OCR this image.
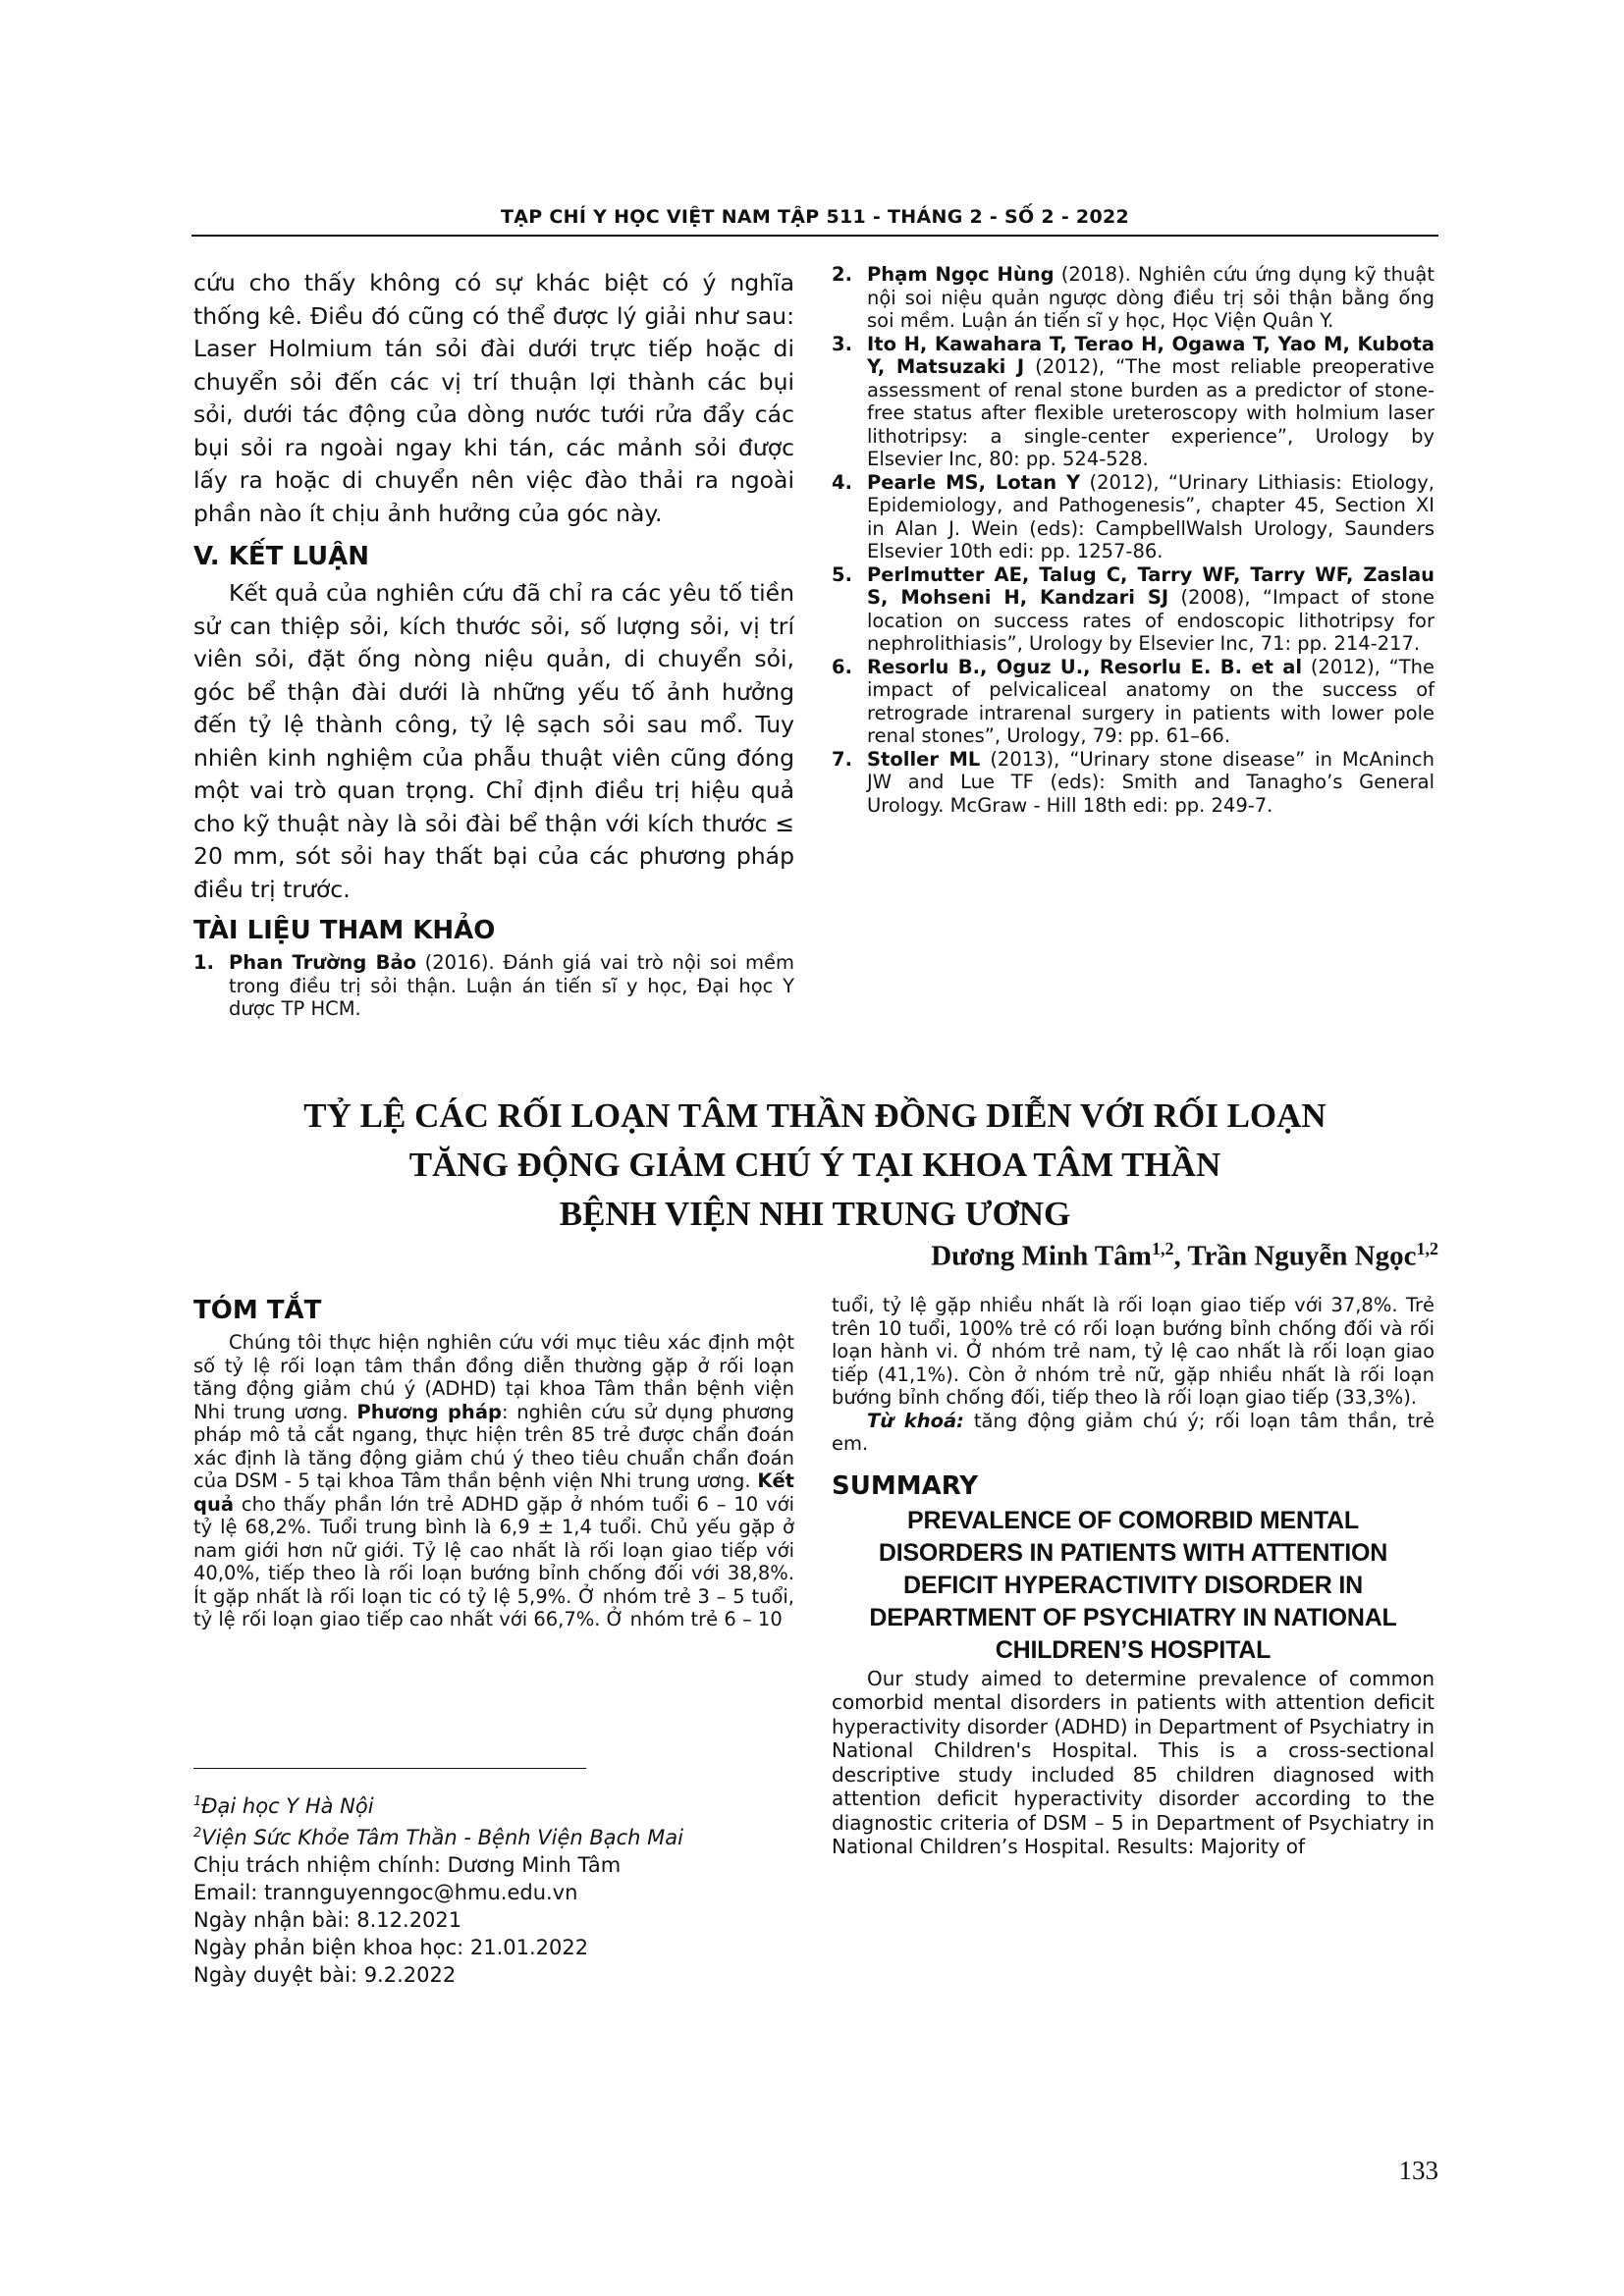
TẠP CHÍ Y HỌC VIỆT NAM TẬP 511 - THÁNG 2 - SỐ 2 - 2022

cứu cho thấy không có sự khác biệt có ý nghĩa thống kê. Điều đó cũng có thể được lý giải như sau: Laser Holmium tán sỏi đài dưới trực tiếp hoặc di chuyển sỏi đến các vị trí thuận lợi thành các bụi sỏi, dưới tác động của dòng nước tưới rửa đẩy các bụi sỏi ra ngoài ngay khi tán, các mảnh sỏi được lấy ra hoặc di chuyển nên việc đào thải ra ngoài phần nào ít chịu ảnh hưởng của góc này.

V. KẾT LUẬN

Kết quả của nghiên cứu đã chỉ ra các yêu tố tiền sử can thiệp sỏi, kích thước sỏi, số lượng sỏi, vị trí viên sỏi, đặt ống nòng niệu quản, di chuyển sỏi, góc bể thận đài dưới là những yếu tố ảnh hưởng đến tỷ lệ thành công, tỷ lệ sạch sỏi sau mổ. Tuy nhiên kinh nghiệm của phẫu thuật viên cũng đóng một vai trò quan trọng. Chỉ định điều trị hiệu quả cho kỹ thuật này là sỏi đài bể thận với kích thước ≤ 20 mm, sót sỏi hay thất bại của các phương pháp điều trị trước.

TÀI LIỆU THAM KHẢO
1. Phan Trường Bảo (2016). Đánh giá vai trò nội soi mềm trong điều trị sỏi thận. Luận án tiến sĩ y học, Đại học Y dược TP HCM.
2. Phạm Ngọc Hùng (2018). Nghiên cứu ứng dụng kỹ thuật nội soi niệu quản ngược dòng điều trị sỏi thận bằng ống soi mềm. Luận án tiến sĩ y học, Học Viện Quân Y.
3. Ito H, Kawahara T, Terao H, Ogawa T, Yao M, Kubota Y, Matsuzaki J (2012), “The most reliable preoperative assessment of renal stone burden as a predictor of stone-free status after flexible ureteroscopy with holmium laser lithotripsy: a single-center experience”, Urology by Elsevier Inc, 80: pp. 524-528.
4. Pearle MS, Lotan Y (2012), “Urinary Lithiasis: Etiology, Epidemiology, and Pathogenesis”, chapter 45, Section XI in Alan J. Wein (eds): CampbellWalsh Urology, Saunders Elsevier 10th edi: pp. 1257-86.
5. Perlmutter AE, Talug C, Tarry WF, Tarry WF, Zaslau S, Mohseni H, Kandzari SJ (2008), “Impact of stone location on success rates of endoscopic lithotripsy for nephrolithiasis”, Urology by Elsevier Inc, 71: pp. 214-217.
6. Resorlu B., Oguz U., Resorlu E. B. et al (2012), “The impact of pelvicaliceal anatomy on the success of retrograde intrarenal surgery in patients with lower pole renal stones”, Urology, 79: pp. 61–66.
7. Stoller ML (2013), “Urinary stone disease” in McAninch JW and Lue TF (eds): Smith and Tanagho’s General Urology. McGraw - Hill 18th edi: pp. 249-7.
TỶ LỆ CÁC RỐI LOẠN TÂM THẦN ĐỒNG DIỄN VỚI RỐI LOẠN
TĂNG ĐỘNG GIẢM CHÚ Ý TẠI KHOA TÂM THẦN
BỆNH VIỆN NHI TRUNG ƯƠNG
Dương Minh Tâm$^{1,2}$, Trần Nguyễn Ngọc$^{1,2}$
TÓM TẮT

Chúng tôi thực hiện nghiên cứu với mục tiêu xác định một số tỷ lệ rối loạn tâm thần đồng diễn thường gặp ở rối loạn tăng động giảm chú ý (ADHD) tại khoa Tâm thần bệnh viện Nhi trung ương. Phương pháp: nghiên cứu sử dụng phương pháp mô tả cắt ngang, thực hiện trên 85 trẻ được chẩn đoán xác định là tăng động giảm chú ý theo tiêu chuẩn chẩn đoán của DSM - 5 tại khoa Tâm thần bệnh viện Nhi trung ương. Kết quả cho thấy phần lớn trẻ ADHD gặp ở nhóm tuổi 6 – 10 với tỷ lệ 68,2%. Tuổi trung bình là 6,9 ± 1,4 tuổi. Chủ yếu gặp ở nam giới hơn nữ giới. Tỷ lệ cao nhất là rối loạn giao tiếp với 40,0%, tiếp theo là rối loạn bướng bỉnh chống đối với 38,8%. Ít gặp nhất là rối loạn tic có tỷ lệ 5,9%. Ở nhóm trẻ 3 – 5 tuổi, tỷ lệ rối loạn giao tiếp cao nhất với 66,7%. Ở nhóm trẻ 6 – 10

tuổi, tỷ lệ gặp nhiều nhất là rối loạn giao tiếp với 37,8%. Trẻ trên 10 tuổi, 100% trẻ có rối loạn bướng bỉnh chống đối và rối loạn hành vi. Ở nhóm trẻ nam, tỷ lệ cao nhất là rối loạn giao tiếp (41,1%). Còn ở nhóm trẻ nữ, gặp nhiều nhất là rối loạn bướng bỉnh chống đối, tiếp theo là rối loạn giao tiếp (33,3%).

Từ khoá: tăng động giảm chú ý; rối loạn tâm thần, trẻ em.

SUMMARY
PREVALENCE OF COMORBID MENTAL
DISORDERS IN PATIENTS WITH ATTENTION
DEFICIT HYPERACTIVITY DISORDER IN
DEPARTMENT OF PSYCHIATRY IN NATIONAL
CHILDREN’S HOSPITAL

Our study aimed to determine prevalence of common comorbid mental disorders in patients with attention deficit hyperactivity disorder (ADHD) in Department of Psychiatry in National Children's Hospital. This is a cross-sectional descriptive study included 85 children diagnosed with attention deficit hyperactivity disorder according to the diagnostic criteria of DSM – 5 in Department of Psychiatry in National Children’s Hospital. Results: Majority of

$^1$Đại học Y Hà Nội

$^2$Viện Sức Khỏe Tâm Thần - Bệnh Viện Bạch Mai

Chịu trách nhiệm chính: Dương Minh Tâm

Email: trannguyenngoc@hmu.edu.vn

Ngày nhận bài: 8.12.2021

Ngày phản biện khoa học: 21.01.2022

Ngày duyệt bài: 9.2.2022

133
